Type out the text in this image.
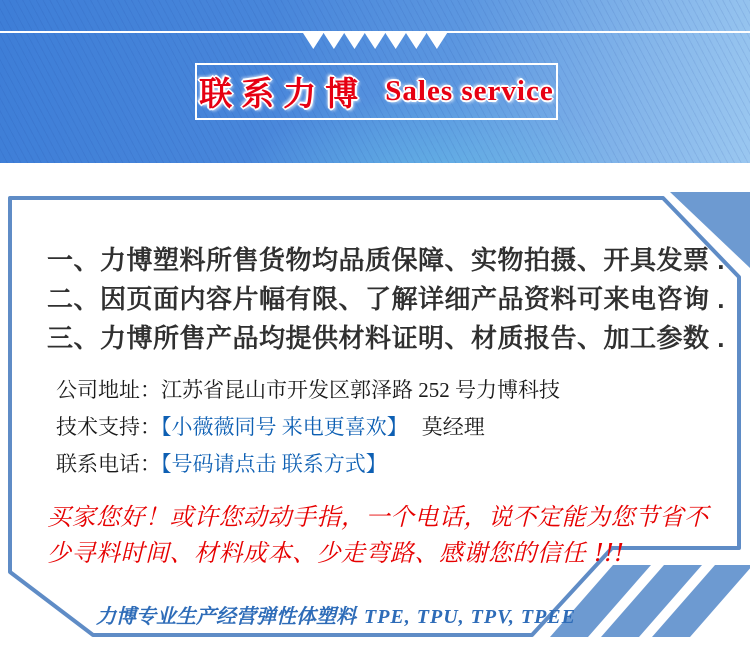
联系力博 Sales service
一、力博塑料所售货物均品质保障、实物拍摄、开具发票 .
二、因页面内容片幅有限、了解详细产品资料可来电咨询 .
三、力博所售产品均提供材料证明、材质报告、加工参数 .
公司地址：江苏省昆山市开发区郭泽路 252 号力博科技
技术支持：【小薇薇同号 来电更喜欢】 莫经理
联系电话：【号码请点击 联系方式】
买家您好！或许您动动手指，一个电话，说不定能为您节省不
少寻料时间、材料成本、少走弯路、感谢您的信任 !!!
力博专业生产经营弹性体塑料 TPE, TPU, TPV, TPEE
